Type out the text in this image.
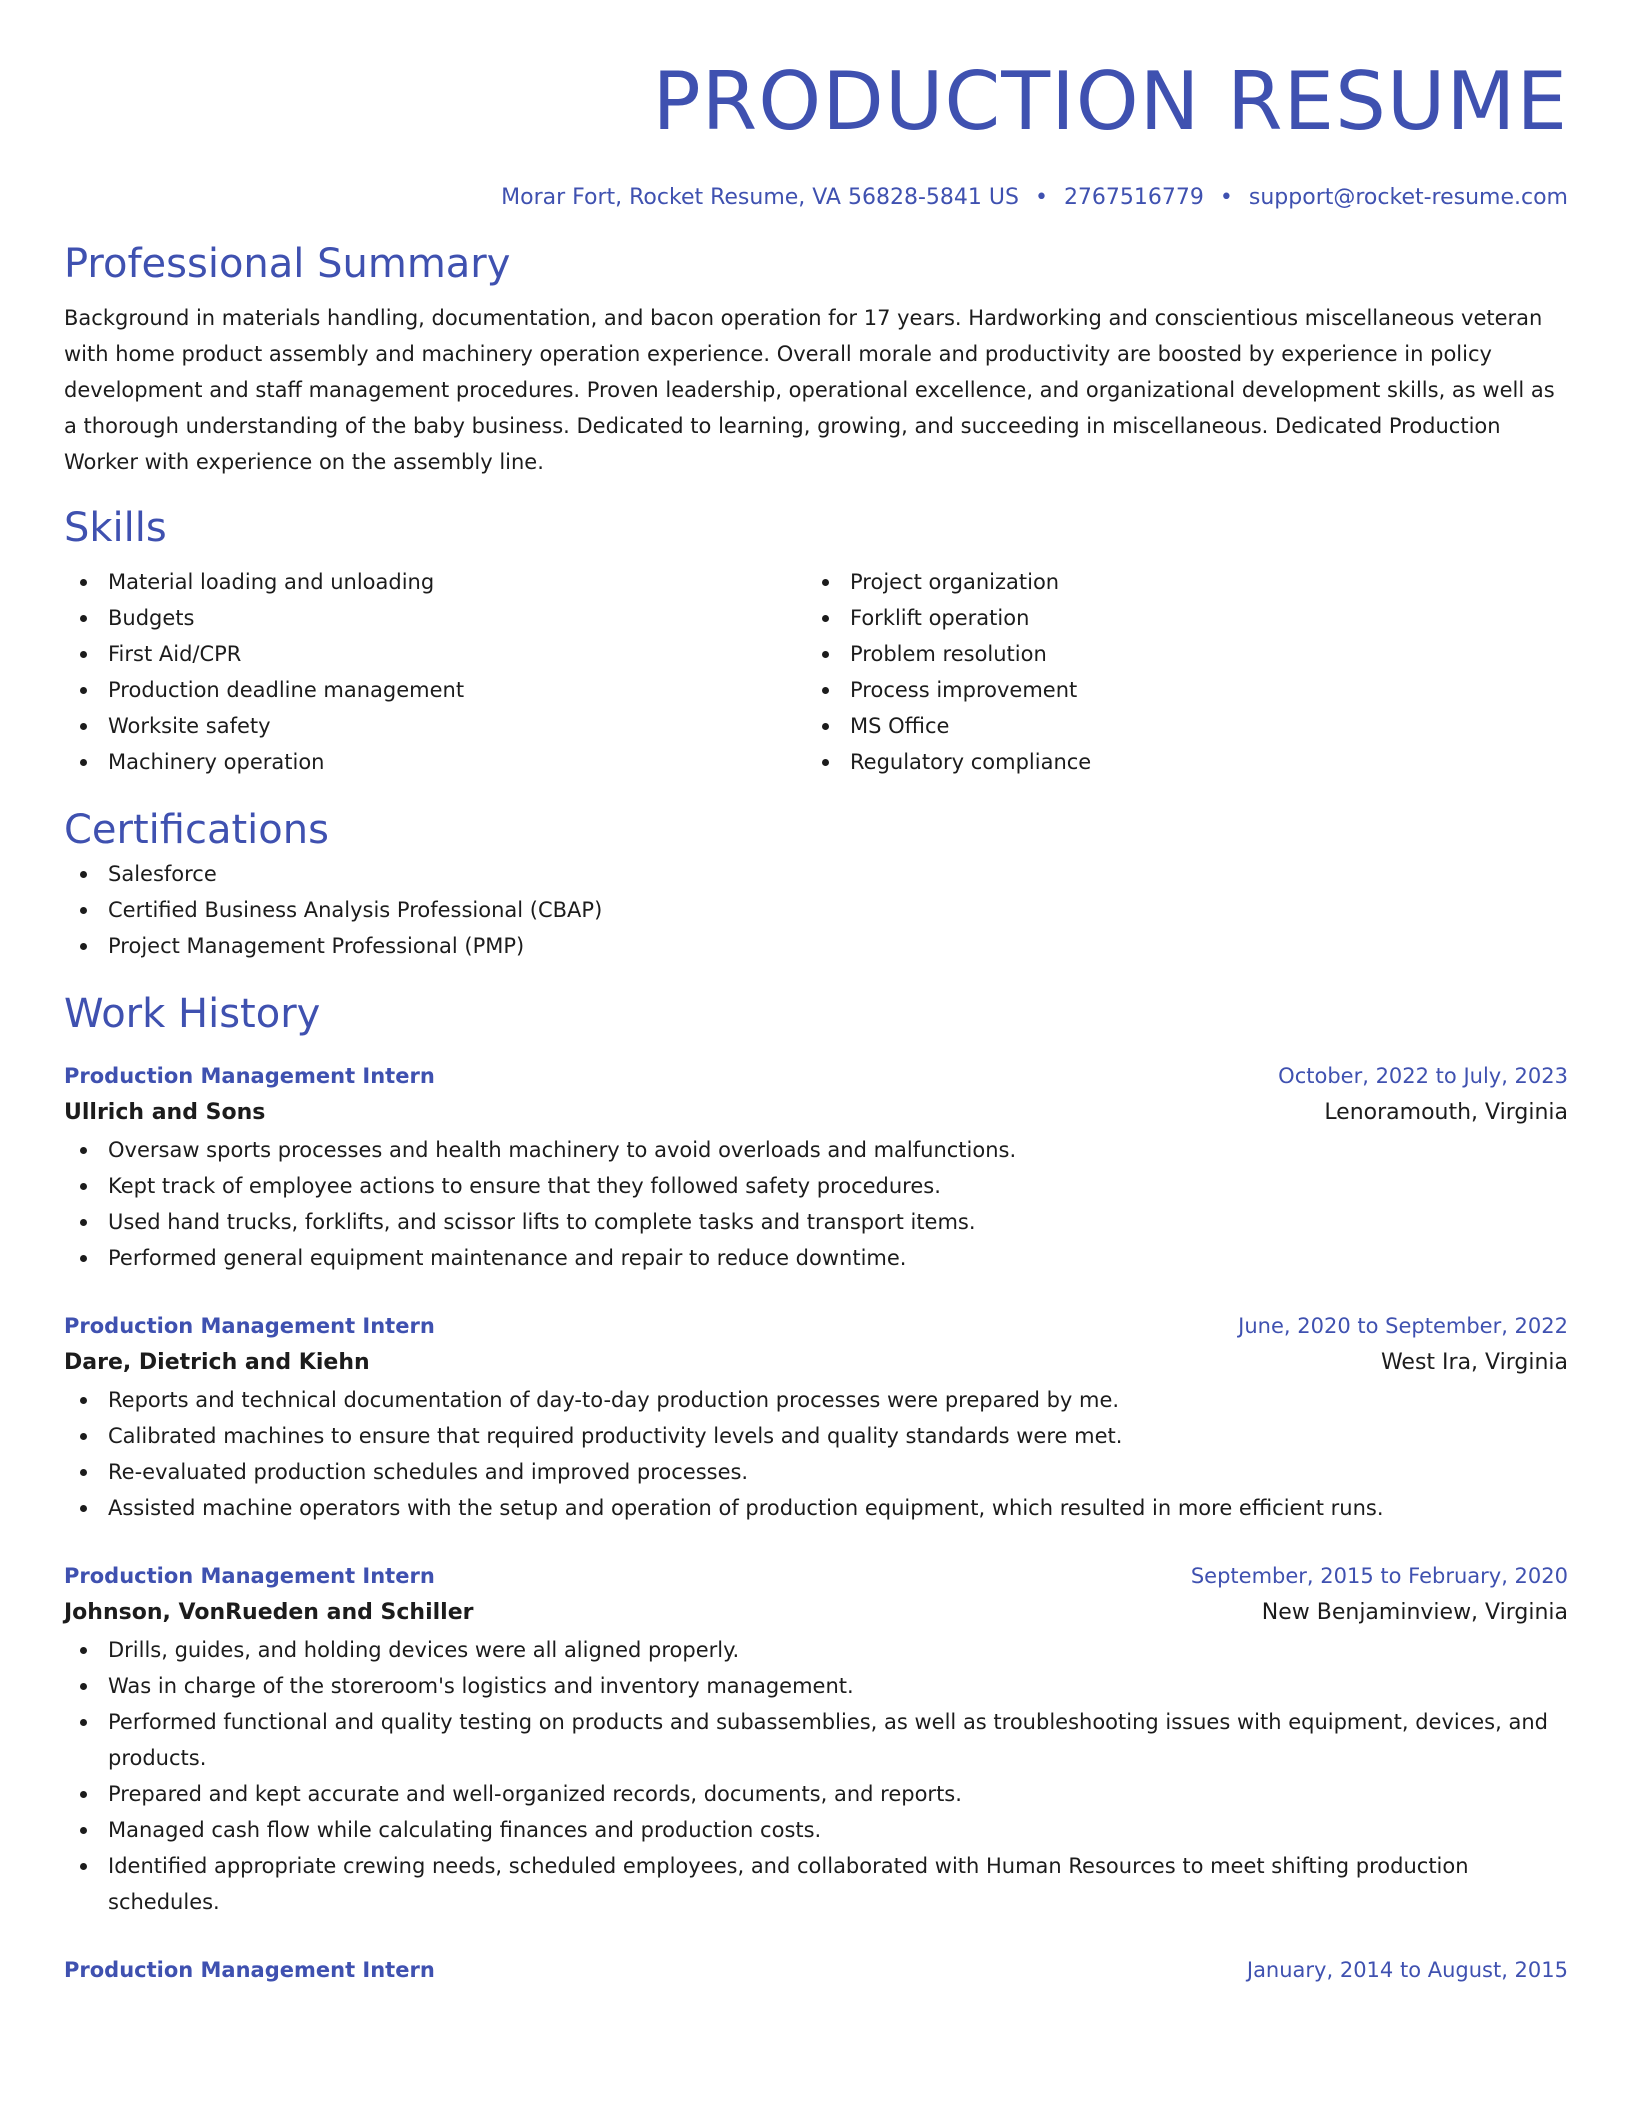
PRODUCTION RESUME
Morar Fort, Rocket Resume, VA 56828-5841 US • 2767516779 • support@rocket-resume.com
Professional Summary

Background in materials handling, documentation, and bacon operation for 17 years. Hardworking and conscientious miscellaneous veteran with home product assembly and machinery operation experience. Overall morale and productivity are boosted by experience in policy development and staff management procedures. Proven leadership, operational excellence, and organizational development skills, as well as a thorough understanding of the baby business. Dedicated to learning, growing, and succeeding in miscellaneous. Dedicated Production Worker with experience on the assembly line.

Skills
Material loading and unloading
Budgets
First Aid/CPR
Production deadline management
Worksite safety
Machinery operation
Project organization
Forklift operation
Problem resolution
Process improvement
MS Office
Regulatory compliance
Certifications
Salesforce
Certified Business Analysis Professional (CBAP)
Project Management Professional (PMP)
Work History
Production Management Intern	October, 2022 to July, 2023
Ullrich and Sons	Lenoramouth, Virginia
Oversaw sports processes and health machinery to avoid overloads and malfunctions.
Kept track of employee actions to ensure that they followed safety procedures.
Used hand trucks, forklifts, and scissor lifts to complete tasks and transport items.
Performed general equipment maintenance and repair to reduce downtime.
Production Management Intern	June, 2020 to September, 2022
Dare, Dietrich and Kiehn	West Ira, Virginia
Reports and technical documentation of day-to-day production processes were prepared by me.
Calibrated machines to ensure that required productivity levels and quality standards were met.
Re-evaluated production schedules and improved processes.
Assisted machine operators with the setup and operation of production equipment, which resulted in more efficient runs.
Production Management Intern	September, 2015 to February, 2020
Johnson, VonRueden and Schiller	New Benjaminview, Virginia
Drills, guides, and holding devices were all aligned properly.
Was in charge of the storeroom's logistics and inventory management.
Performed functional and quality testing on products and subassemblies, as well as troubleshooting issues with equipment, devices, and products.
Prepared and kept accurate and well-organized records, documents, and reports.
Managed cash flow while calculating finances and production costs.
Identified appropriate crewing needs, scheduled employees, and collaborated with Human Resources to meet shifting production schedules.
Production Management Intern	January, 2014 to August, 2015
